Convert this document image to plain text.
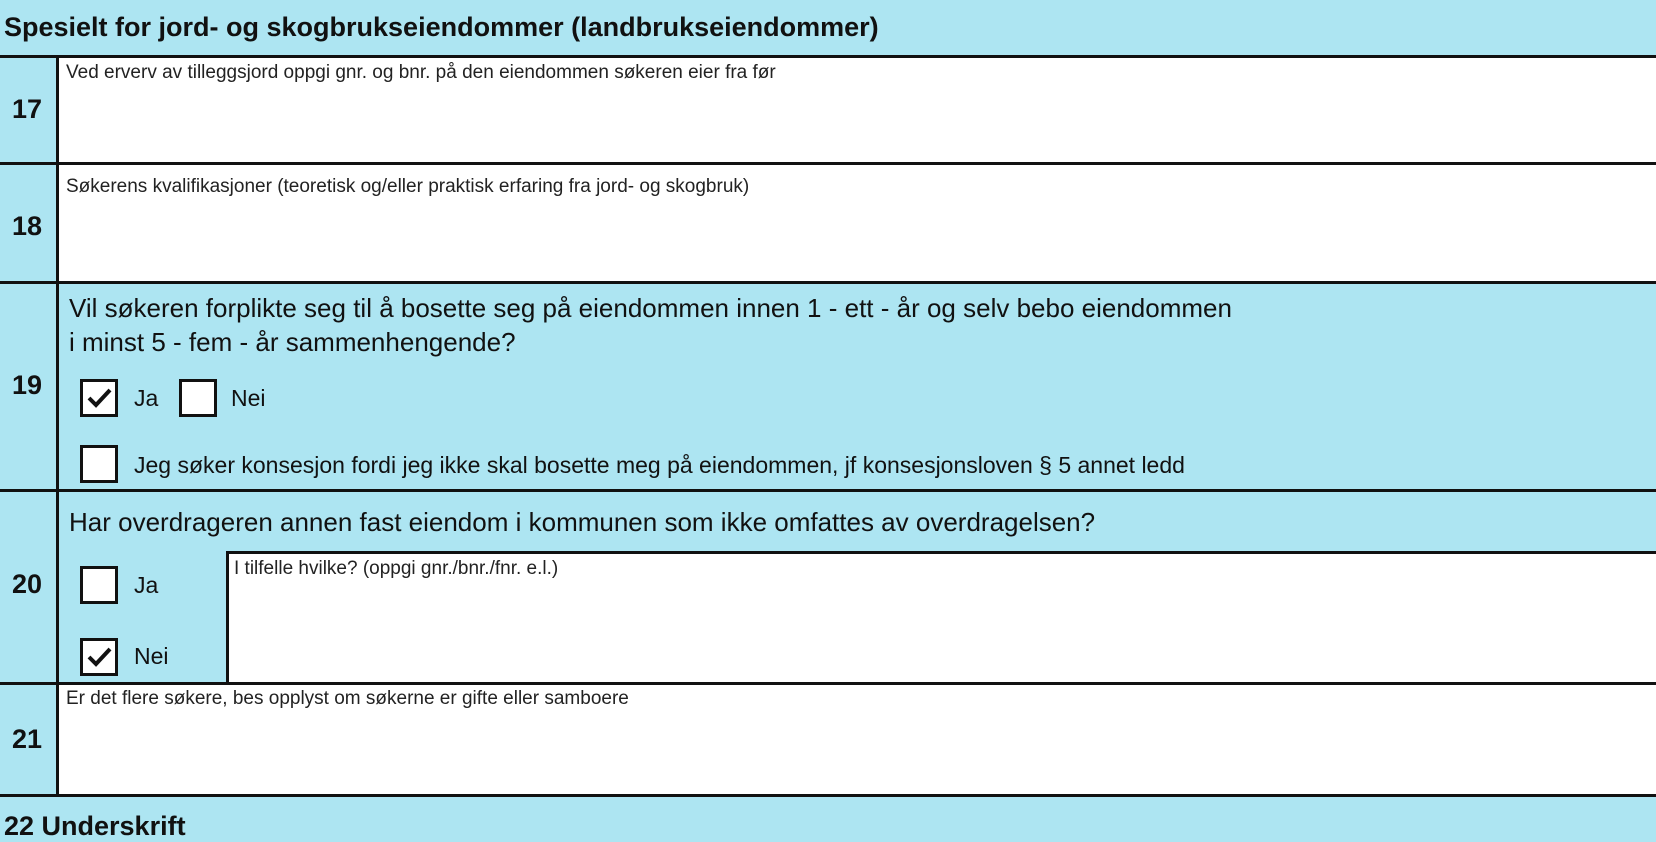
Spesielt for jord- og skogbrukseiendommer (landbrukseiendommer)
17
Ved erverv av tilleggsjord oppgi gnr. og bnr. på den eiendommen søkeren eier fra før
18
Søkerens kvalifikasjoner (teoretisk og/eller praktisk erfaring fra jord- og skogbruk)
19
Vil søkeren forplikte seg til å bosette seg på eiendommen innen 1 - ett - år og selv bebo eiendommen
i minst 5 - fem - år sammenhengende?
Ja	Nei
Jeg søker konsesjon fordi jeg ikke skal bosette meg på eiendommen, jf konsesjonsloven § 5 annet ledd
20
Har overdrageren annen fast eiendom i kommunen som ikke omfattes av overdragelsen?
Ja
Nei
I tilfelle hvilke? (oppgi gnr./bnr./fnr. e.l.)
21
Er det flere søkere, bes opplyst om søkerne er gifte eller samboere
22 Underskrift
